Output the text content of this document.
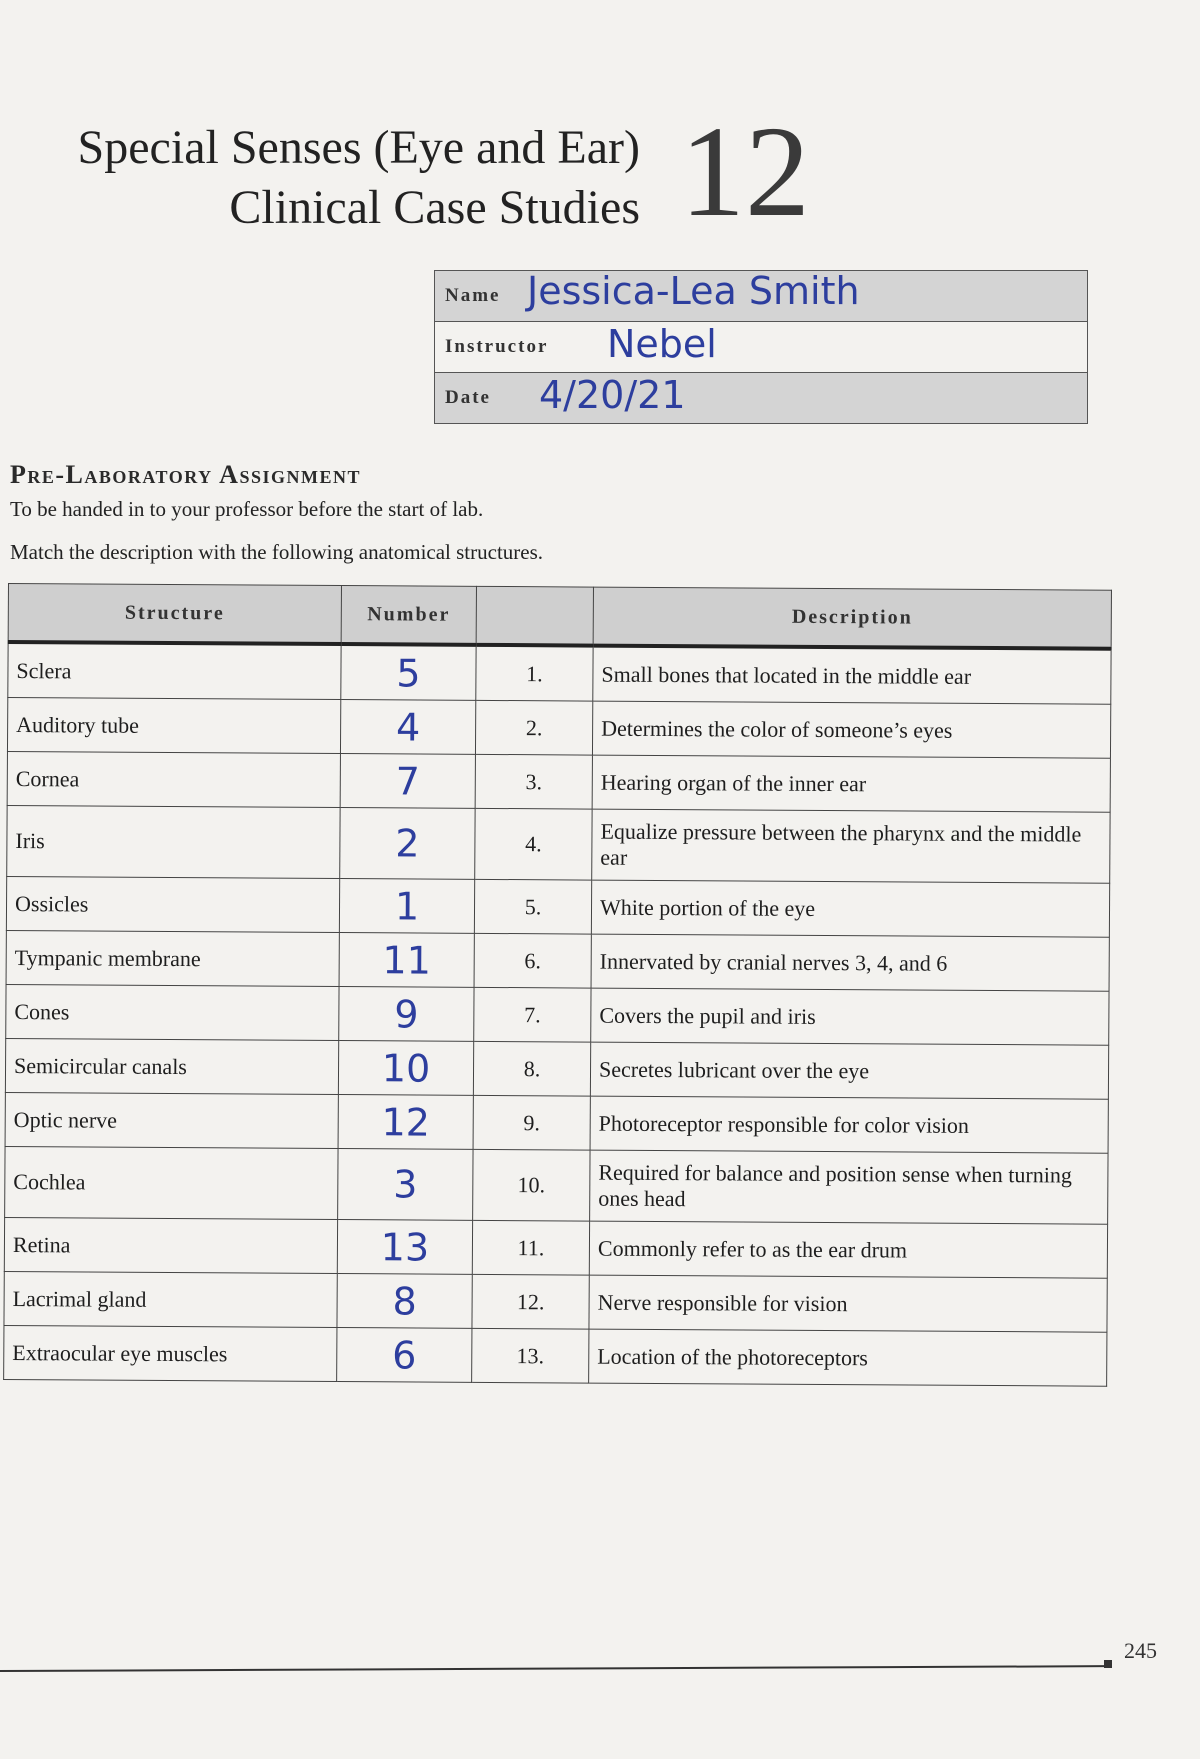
Special Senses (Eye and Ear)
Clinical Case Studies 12
Name Jessica-Lea Smith
Instructor Nebel
Date 4/20/21
Pre-Laboratory Assignment
To be handed in to your professor before the start of lab.
Match the description with the following anatomical structures.
Structure	Number		Description
Sclera	5	1.	Small bones that located in the middle ear
Auditory tube	4	2.	Determines the color of someone’s eyes
Cornea	7	3.	Hearing organ of the inner ear
Iris	2	4.	Equalize pressure between the pharynx and the middle ear
Ossicles	1	5.	White portion of the eye
Tympanic membrane	11	6.	Innervated by cranial nerves 3, 4, and 6
Cones	9	7.	Covers the pupil and iris
Semicircular canals	10	8.	Secretes lubricant over the eye
Optic nerve	12	9.	Photoreceptor responsible for color vision
Cochlea	3	10.	Required for balance and position sense when turning ones head
Retina	13	11.	Commonly refer to as the ear drum
Lacrimal gland	8	12.	Nerve responsible for vision
Extraocular eye muscles	6	13.	Location of the photoreceptors
245
